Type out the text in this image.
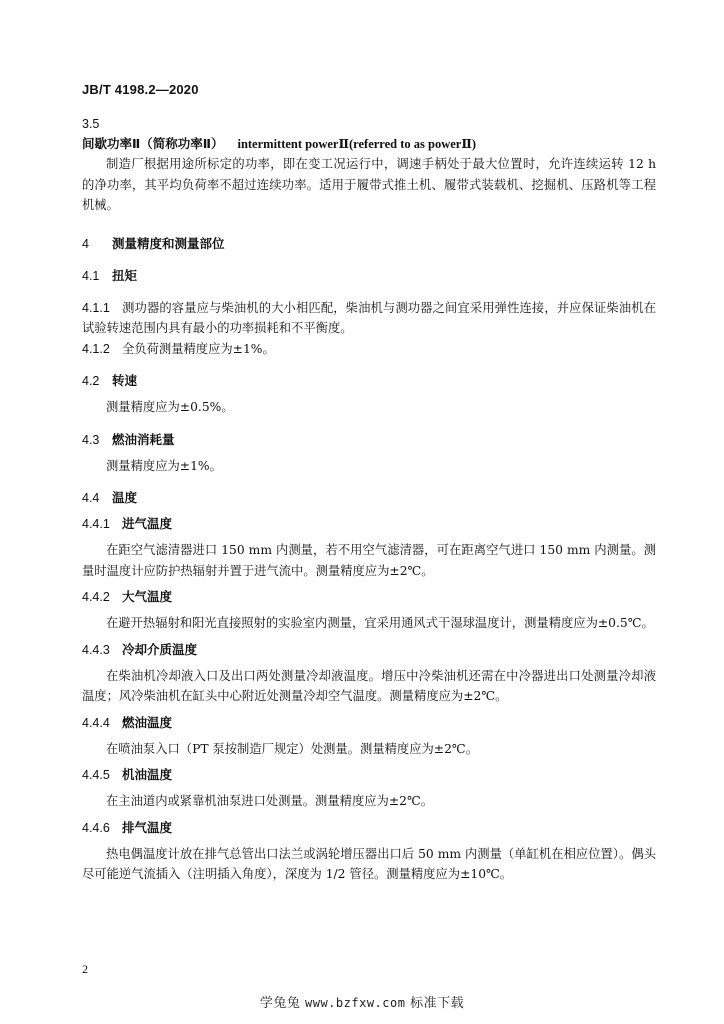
JB/T 4198.2—2020

3.5

间歇功率Ⅱ（简称功率Ⅱ） intermittent powerⅡ(referred to as powerⅡ)

制造厂根据用途所标定的功率，即在变工况运行中，调速手柄处于最大位置时，允许连续运转 12 h 的净功率，其平均负荷率不超过连续功率。适用于履带式推土机、履带式装载机、挖掘机、压路机等工程机械。

4 测量精度和测量部位

4.1 扭矩

4.1.1 测功器的容量应与柴油机的大小相匹配，柴油机与测功器之间宜采用弹性连接，并应保证柴油机在试验转速范围内具有最小的功率损耗和不平衡度。

4.1.2 全负荷测量精度应为±1%。

4.2 转速

测量精度应为±0.5%。

4.3 燃油消耗量

测量精度应为±1%。

4.4 温度

4.4.1 进气温度

在距空气滤清器进口 150 mm 内测量，若不用空气滤清器，可在距离空气进口 150 mm 内测量。测量时温度计应防护热辐射并置于进气流中。测量精度应为±2℃。

4.4.2 大气温度

在避开热辐射和阳光直接照射的实验室内测量，宜采用通风式干湿球温度计，测量精度应为±0.5℃。

4.4.3 冷却介质温度

在柴油机冷却液入口及出口两处测量冷却液温度。增压中冷柴油机还需在中冷器进出口处测量冷却液温度；风冷柴油机在缸头中心附近处测量冷却空气温度。测量精度应为±2℃。

4.4.4 燃油温度

在喷油泵入口（PT 泵按制造厂规定）处测量。测量精度应为±2℃。

4.4.5 机油温度

在主油道内或紧靠机油泵进口处测量。测量精度应为±2℃。

4.4.6 排气温度

热电偶温度计放在排气总管出口法兰或涡轮增压器出口后 50 mm 内测量（单缸机在相应位置）。偶头尽可能逆气流插入（注明插入角度），深度为 1/2 管径。测量精度应为±10℃。

2
学兔兔 www.bzfxw.com 标准下载
